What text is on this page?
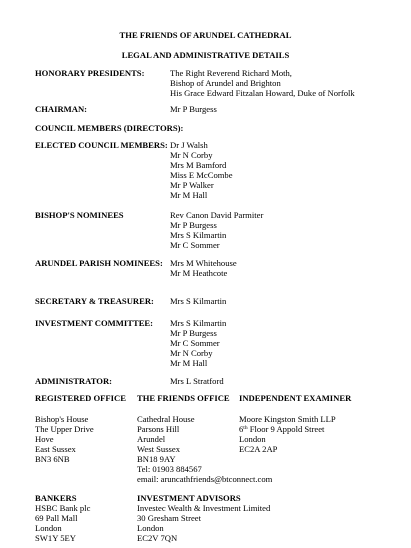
THE FRIENDS OF ARUNDEL CATHEDRAL
LEGAL AND ADMINISTRATIVE DETAILS
HONORARY PRESIDENTS:	The Right Reverend Richard Moth,
Bishop of Arundel and Brighton
His Grace Edward Fitzalan Howard, Duke of Norfolk
CHAIRMAN:	Mr P Burgess
COUNCIL MEMBERS (DIRECTORS):
ELECTED COUNCIL MEMBERS: Dr J Walsh
Mr N Corby
Mrs M Bamford
Miss E McCombe
Mr P Walker
Mr M Hall
BISHOP'S NOMINEES	Rev Canon David Parmiter
Mr P Burgess
Mrs S Kilmartin
Mr C Sommer
ARUNDEL PARISH NOMINEES: Mrs M Whitehouse
Mr M Heathcote
SECRETARY & TREASURER: Mrs S Kilmartin
INVESTMENT COMMITTEE: Mrs S Kilmartin
Mr P Burgess
Mr C Sommer
Mr N Corby
Mr M Hall
ADMINISTRATOR:	Mrs L Stratford
REGISTERED OFFICE
Bishop's House
The Upper Drive
Hove
East Sussex
BN3 6NB
THE FRIENDS OFFICE
Cathedral House
Parsons Hill
Arundel
West Sussex
BN18 9AY
Tel: 01903 884567
email: aruncathfriends@btconnect.com
INDEPENDENT EXAMINER
Moore Kingston Smith LLP
6th Floor 9 Appold Street
London
EC2A 2AP
BANKERS
HSBC Bank plc
69 Pall Mall
London
SW1Y 5EY
INVESTMENT ADVISORS
Investec Wealth & Investment Limited
30 Gresham Street
London
EC2V 7QN
